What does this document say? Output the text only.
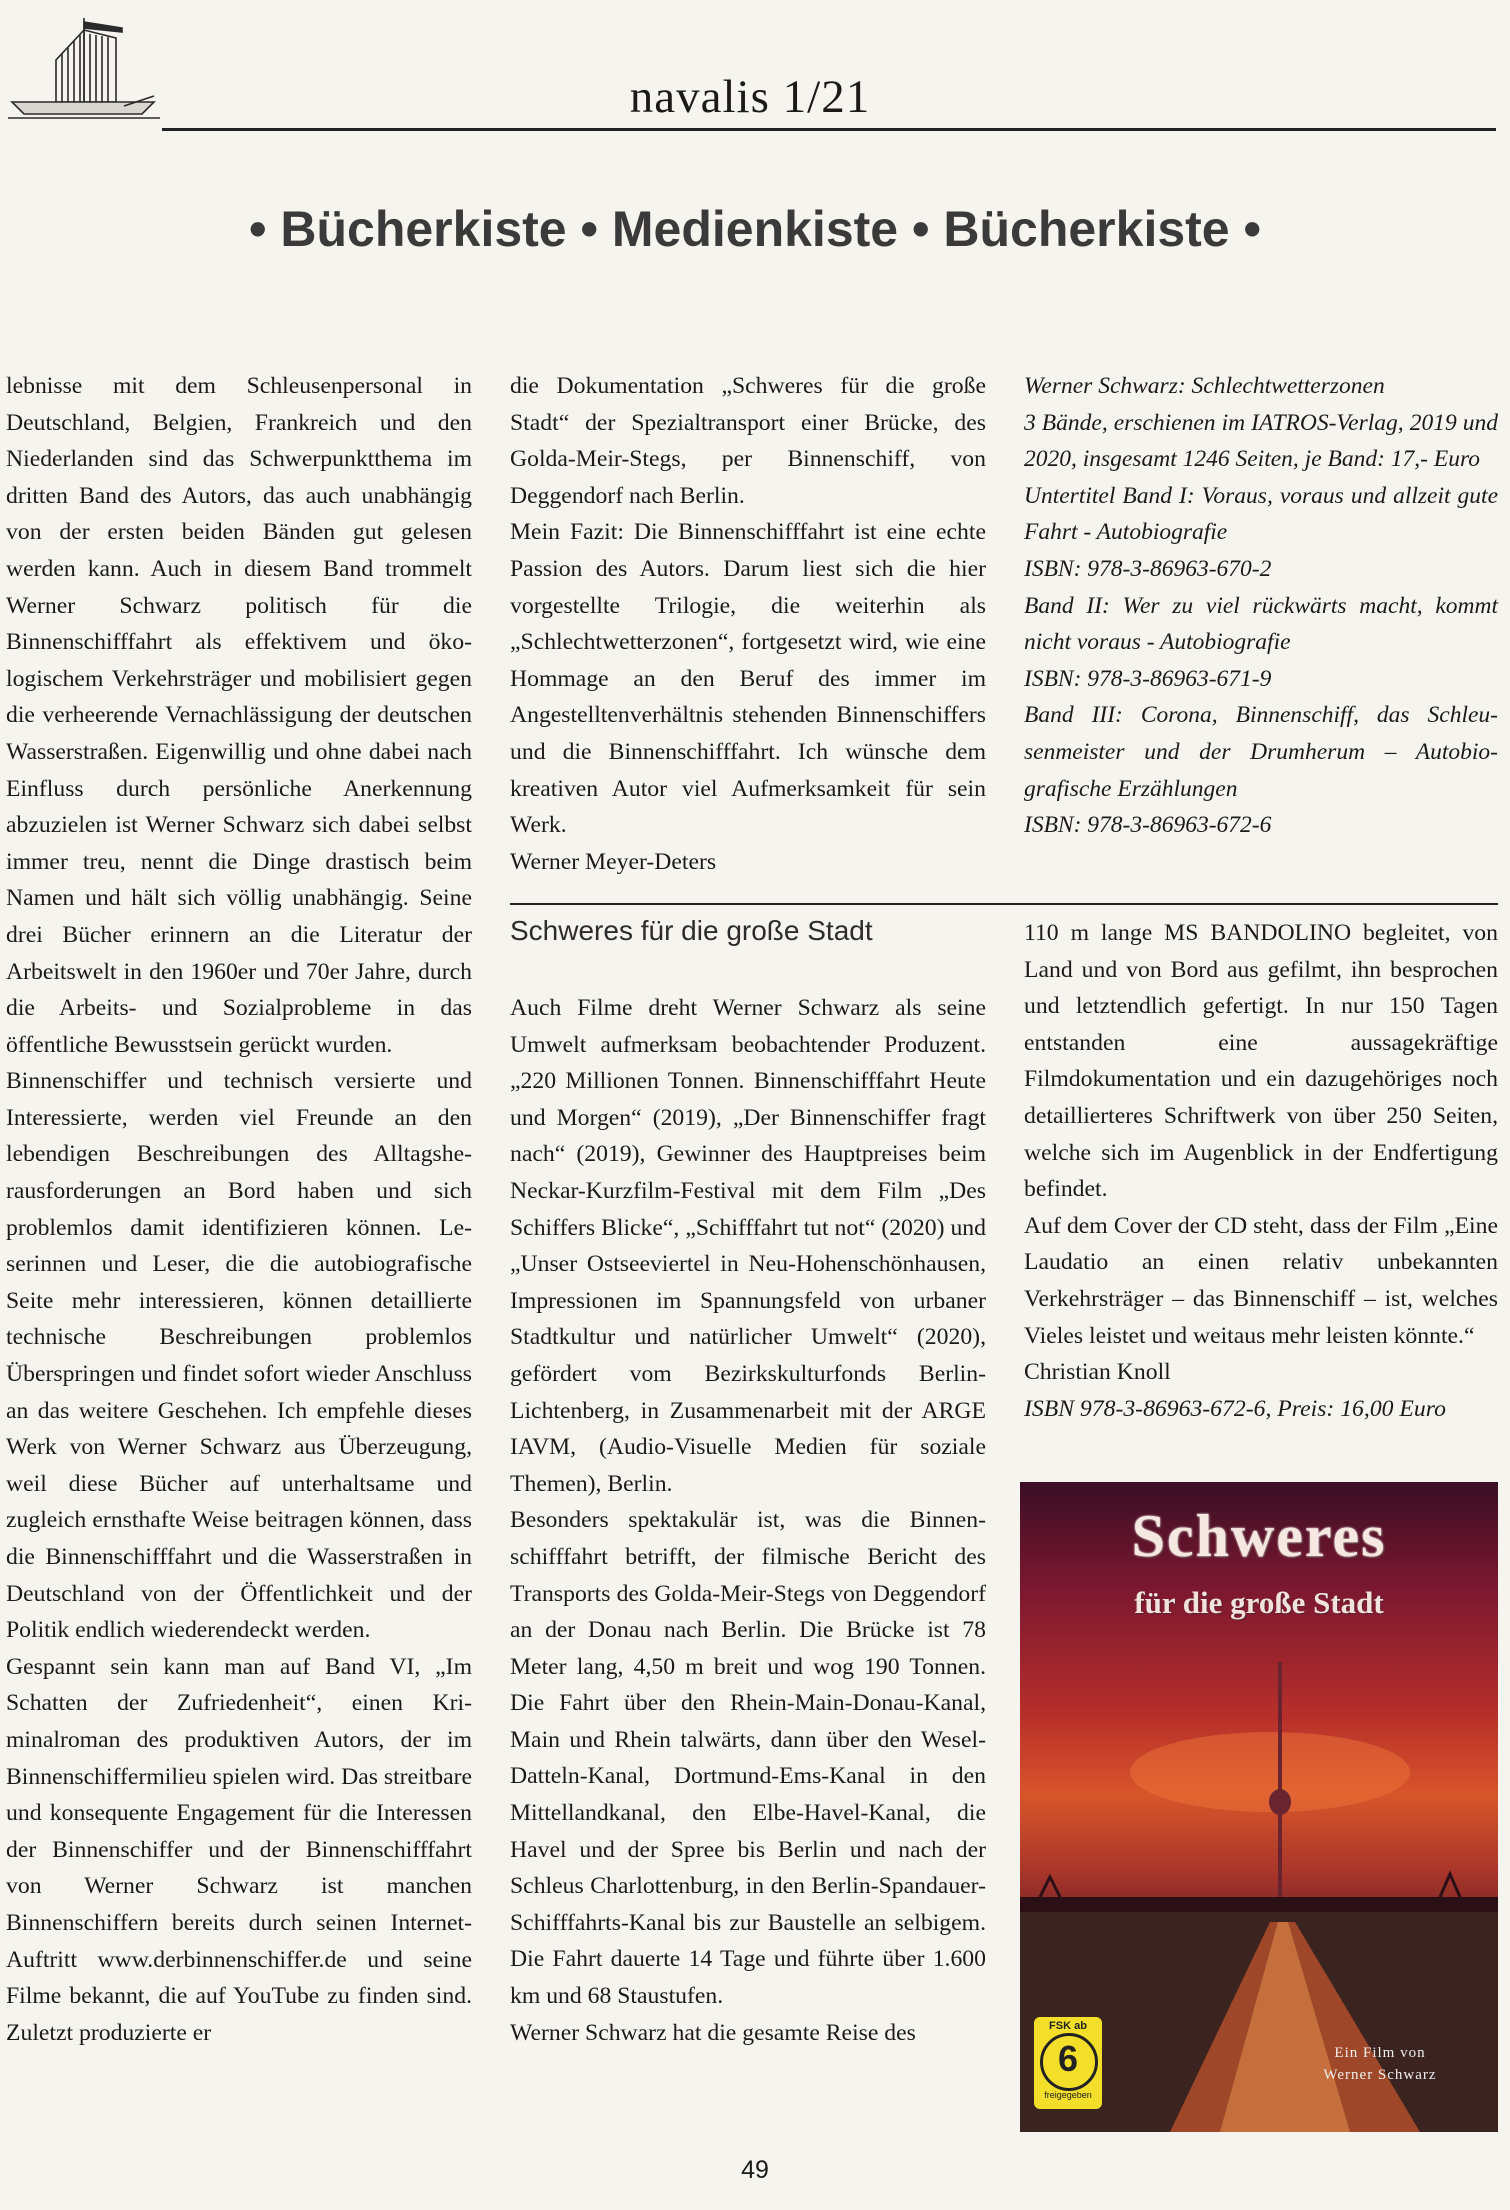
navalis 1/21
• Bücherkiste • Medienkiste • Bücherkiste •

lebnisse mit dem Schleusenpersonal in Deutschland, Belgien, Frankreich und den Niederlanden sind das Schwerpunktthema im dritten Band des Autors, das auch unabhängig von der ersten beiden Bänden gut gelesen werden kann. Auch in diesem Band trommelt Werner Schwarz politisch für die Binnenschifffahrt als effektivem und ökologischem Verkehrsträger und mobilisiert gegen die verheerende Vernachlässigung der deutschen Wasserstraßen. Eigenwillig und ohne dabei nach Einfluss durch persönliche Anerkennung abzuzielen ist Werner Schwarz sich dabei selbst immer treu, nennt die Dinge drastisch beim Namen und hält sich völlig unabhängig. Seine drei Bücher erinnern an die Literatur der Arbeitswelt in den 1960er und 70er Jahre, durch die Arbeits- und Sozialprobleme in das öffentliche Bewusstsein gerückt wurden.

Binnenschiffer und technisch versierte und Interessierte, werden viel Freunde an den lebendigen Beschreibungen des Alltagsherausforderungen an Bord haben und sich problemlos damit identifizieren können. Leserinnen und Leser, die die autobiografische Seite mehr interessieren, können detaillierte technische Beschreibungen problemlos Überspringen und findet sofort wieder Anschluss an das weitere Geschehen. Ich empfehle dieses Werk von Werner Schwarz aus Überzeugung, weil diese Bücher auf unterhaltsame und zugleich ernsthafte Weise beitragen können, dass die Binnenschifffahrt und die Wasserstraßen in Deutschland von der Öffentlichkeit und der Politik endlich wiederendeckt werden.

Gespannt sein kann man auf Band VI, „Im Schatten der Zufriedenheit“, einen Kriminalroman des produktiven Autors, der im Binnenschiffermilieu spielen wird. Das streitbare und konsequente Engagement für die Interessen der Binnenschiffer und der Binnenschifffahrt von Werner Schwarz ist manchen Binnenschiffern bereits durch seinen Internet-Auftritt www.derbinnenschiffer.de und seine Filme bekannt, die auf YouTube zu finden sind. Zuletzt produzierte er

die Dokumentation „Schweres für die große Stadt“ der Spezialtransport einer Brücke, des Golda-Meir-Stegs, per Binnenschiff, von Deggendorf nach Berlin.

Mein Fazit: Die Binnenschifffahrt ist eine echte Passion des Autors. Darum liest sich die hier vorgestellte Trilogie, die weiterhin als „Schlechtwetterzonen“, fortgesetzt wird, wie eine Hommage an den Beruf des immer im Angestelltenverhältnis stehenden Binnenschiffers und die Binnenschifffahrt. Ich wünsche dem kreativen Autor viel Aufmerksamkeit für sein Werk.

Werner Meyer-Deters

Werner Schwarz: Schlechtwetterzonen

3 Bände, erschienen im IATROS-Verlag, 2019 und 2020, insgesamt 1246 Seiten, je Band: 17,- Euro

Untertitel Band I: Voraus, voraus und allzeit gute Fahrt - Autobiografie

ISBN: 978-3-86963-670-2

Band II: Wer zu viel rückwärts macht, kommt nicht voraus - Autobiografie

ISBN: 978-3-86963-671-9

Band III: Corona, Binnenschiff, das Schleusenmeister und der Drumherum – Autobiografische Erzählungen

ISBN: 978-3-86963-672-6

Schweres für die große Stadt

Auch Filme dreht Werner Schwarz als seine Umwelt aufmerksam beobachtender Produzent. „220 Millionen Tonnen. Binnenschifffahrt Heute und Morgen“ (2019), „Der Binnenschiffer fragt nach“ (2019), Gewinner des Hauptpreises beim Neckar-Kurzfilm-Festival mit dem Film „Des Schiffers Blicke“, „Schifffahrt tut not“ (2020) und „Unser Ostseeviertel in Neu-Hohenschönhausen, Impressionen im Spannungsfeld von urbaner Stadtkultur und natürlicher Umwelt“ (2020), gefördert vom Bezirkskulturfonds Berlin-Lichtenberg, in Zusammenarbeit mit der ARGE IAVM, (Audio-Visuelle Medien für soziale Themen), Berlin.

Besonders spektakulär ist, was die Binnenschifffahrt betrifft, der filmische Bericht des Transports des Golda-Meir-Stegs von Deggendorf an der Donau nach Berlin. Die Brücke ist 78 Meter lang, 4,50 m breit und wog 190 Tonnen. Die Fahrt über den Rhein-Main-Donau-Kanal, Main und Rhein talwärts, dann über den Wesel-Datteln-Kanal, Dortmund-Ems-Kanal in den Mittellandkanal, den Elbe-Havel-Kanal, die Havel und der Spree bis Berlin und nach der Schleus Charlottenburg, in den Berlin-Spandauer-Schifffahrts-Kanal bis zur Baustelle an selbigem. Die Fahrt dauerte 14 Tage und führte über 1.600 km und 68 Staustufen.

Werner Schwarz hat die gesamte Reise des

110 m lange MS BANDOLINO begleitet, von Land und von Bord aus gefilmt, ihn besprochen und letztendlich gefertigt. In nur 150 Tagen entstanden eine aussagekräftige Filmdokumentation und ein dazugehöriges noch detaillierteres Schriftwerk von über 250 Seiten, welche sich im Augenblick in der Endfertigung befindet.

Auf dem Cover der CD steht, dass der Film „Eine Laudatio an einen relativ unbekannten Verkehrsträger – das Binnenschiff – ist, welches Vieles leistet und weitaus mehr leisten könnte.“

Christian Knoll

ISBN 978-3-86963-672-6, Preis: 16,00 Euro

Schweres
für die große Stadt
FSK ab
6
freigegeben
Ein Film von
Werner Schwarz
49
